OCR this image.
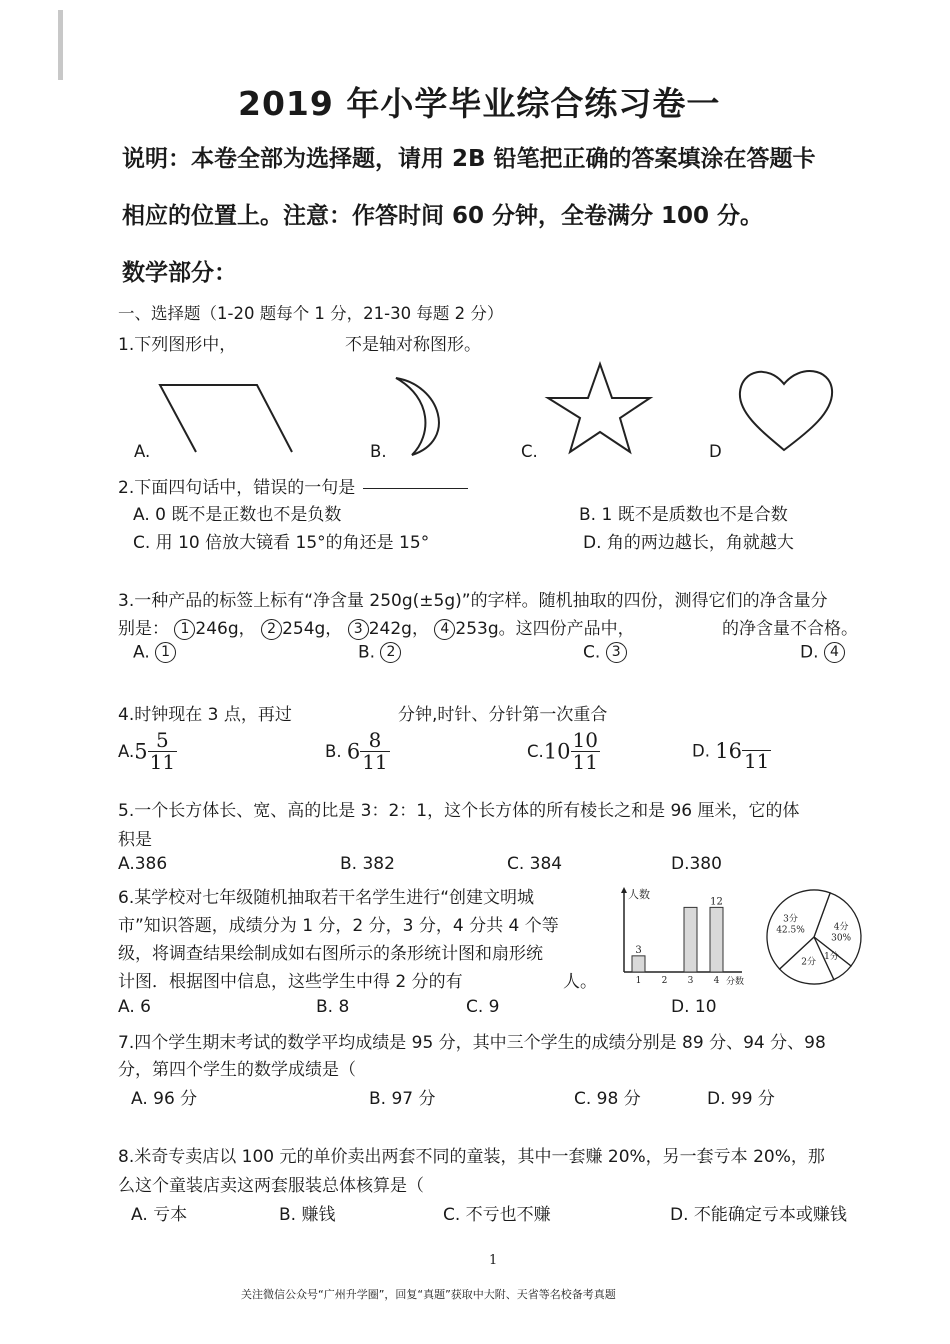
2019 年小学毕业综合练习卷一
说明：本卷全部为选择题，请用 2B 铅笔把正确的答案填涂在答题卡
相应的位置上。注意：作答时间 60 分钟，全卷满分 100 分。
数学部分：
一、选择题（1-20 题每个 1 分，21-30 每题 2 分）
1.下列图形中，	不是轴对称图形。
A.	B.	C.	D
2.下面四句话中，错误的一句是
A. 0 既不是正数也不是负数	B. 1 既不是质数也不是合数
C. 用 10 倍放大镜看 15°的角还是 15°	D. 角的两边越长，角就越大
3.一种产品的标签上标有“净含量 250g(±5g)”的字样。随机抽取的四份，测得它们的净含量分
别是： 1 246g， 2 254g， 3 242g， 4 253g。这四份产品中，	的净含量不合格。
A. 1	B. 2	C. 3	D. 4
4.时钟现在 3 点，再过	分钟,时针、分针第一次重合
$A.5 \frac{5}{11}$	B. $6 \frac{8}{11}$	$C.10 \frac{10}{11}$	D. 16 11
5.一个长方体长、宽、高的比是 3：2：1，这个长方体的所有棱长之和是 96 厘米，它的体
积是
A.386	B. 382	C. 384	D.380
6.某学校对七年级随机抽取若干名学生进行“创建文明城
市”知识答题，成绩分为 1 分，2 分，3 分，4 分共 4 个等
级，将调查结果绘制成如右图所示的条形统计图和扇形统
计图．根据图中信息，这些学生中得 2 分的有	人。
A. 6	B. 8	C. 9	D. 10
人数
分数
3
1 2 3
12
4
4分
30%
1分
2分
3分
42.5%
7.四个学生期末考试的数学平均成绩是 95 分，其中三个学生的成绩分别是 89 分、94 分、98
分，第四个学生的数学成绩是（
A. 96 分	B. 97 分	C. 98 分	D. 99 分
8.米奇专卖店以 100 元的单价卖出两套不同的童装，其中一套赚 20%，另一套亏本 20%，那
么这个童装店卖这两套服装总体核算是（
A. 亏本	B. 赚钱	C. 不亏也不赚	D. 不能确定亏本或赚钱
1
关注微信公众号“广州升学圈”，回复“真题”获取中大附、天省等名校备考真题
